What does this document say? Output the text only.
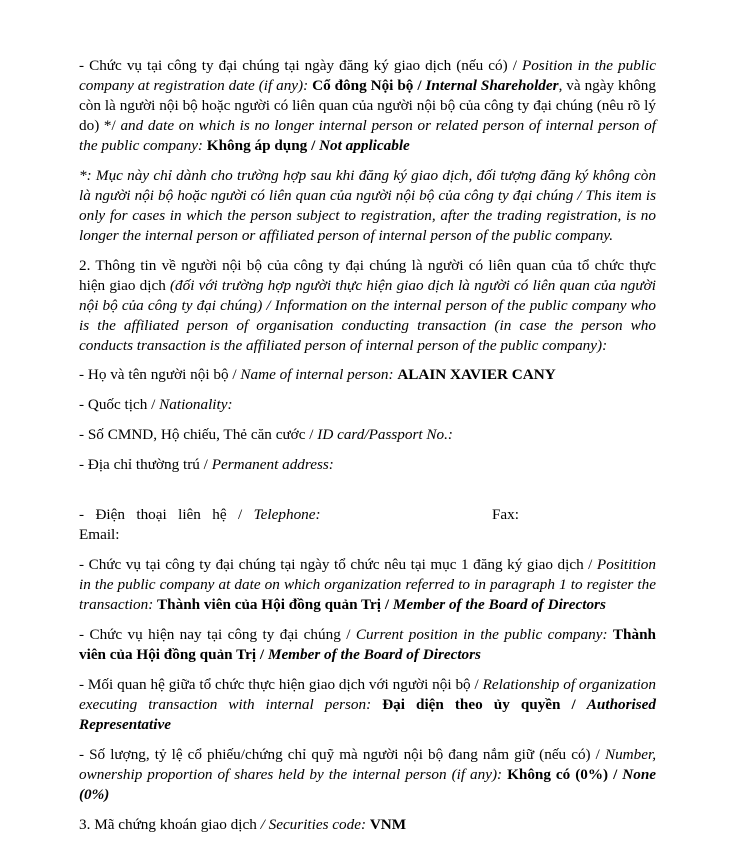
- Chức vụ tại công ty đại chúng tại ngày đăng ký giao dịch (nếu có) / Position in the public company at registration date (if any): Cổ đông Nội bộ / Internal Shareholder, và ngày không còn là người nội bộ hoặc người có liên quan của người nội bộ của công ty đại chúng (nêu rõ lý do) */ and date on which is no longer internal person or related person of internal person of the public company: Không áp dụng / Not applicable

*: Mục này chỉ dành cho trường hợp sau khi đăng ký giao dịch, đối tượng đăng ký không còn là người nội bộ hoặc người có liên quan của người nội bộ của công ty đại chúng / This item is only for cases in which the person subject to registration, after the trading registration, is no longer the internal person or affiliated person of internal person of the public company.

2. Thông tin về người nội bộ của công ty đại chúng là người có liên quan của tổ chức thực hiện giao dịch (đối với trường hợp người thực hiện giao dịch là người có liên quan của người nội bộ của công ty đại chúng) / Information on the internal person of the public company who is the affiliated person of organisation conducting transaction (in case the person who conducts transaction is the affiliated person of internal person of the public company):

- Họ và tên người nội bộ / Name of internal person: ALAIN XAVIER CANY

- Quốc tịch / Nationality:

- Số CMND, Hộ chiếu, Thẻ căn cước / ID card/Passport No.:

- Địa chỉ thường trú / Permanent address:

-   Điện   thoại   liên   hệ   /   Telephone:	Fax:
Email:

- Chức vụ tại công ty đại chúng tại ngày tổ chức nêu tại mục 1 đăng ký giao dịch / Positition in the public company at date on which organization referred to in paragraph 1 to register the transaction: Thành viên của Hội đồng quản Trị / Member of the Board of Directors

- Chức vụ hiện nay tại công ty đại chúng / Current position in the public company: Thành viên của Hội đồng quản Trị / Member of the Board of Directors

- Mối quan hệ giữa tổ chức thực hiện giao dịch với người nội bộ / Relationship of organization executing transaction with internal person: Đại diện theo ủy quyền / Authorised Representative

- Số lượng, tỷ lệ cổ phiếu/chứng chỉ quỹ mà người nội bộ đang nắm giữ (nếu có) / Number, ownership proportion of shares held by the internal person (if any): Không có (0%) / None (0%)

3. Mã chứng khoán giao dịch / Securities code: VNM
